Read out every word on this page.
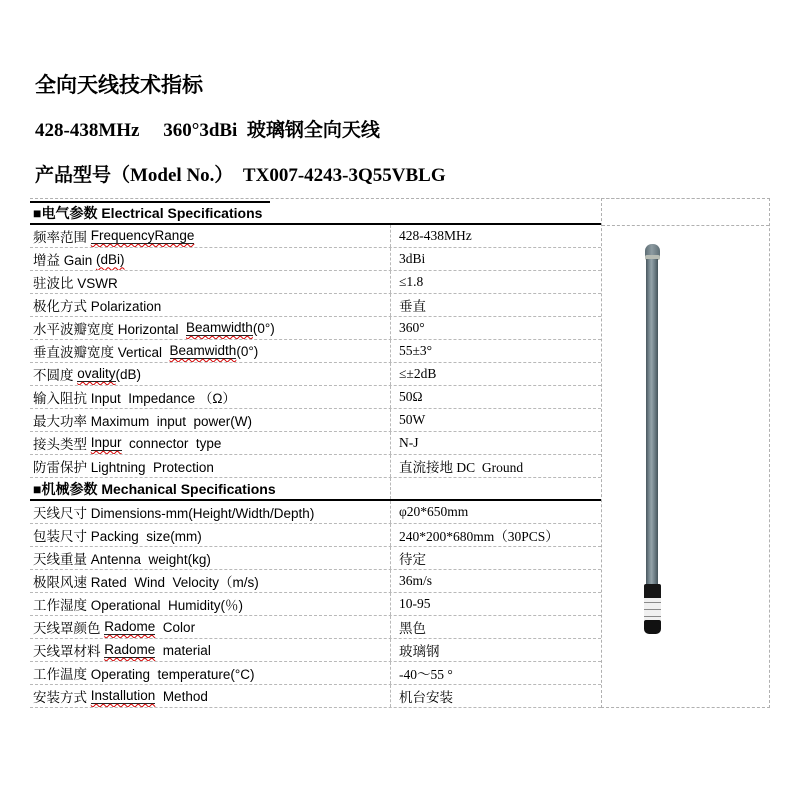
全向天线技术指标
428-438MHz     360°3dBi  玻璃钢全向天线
产品型号（Model No.）  TX007-4243-3Q55VBLG
■电气参数 Electrical Specifications
频率范围 FrequencyRange	428-438MHz
增益 Gain (dBi)	3dBi
驻波比 VSWR	≤1.8
极化方式 Polarization	垂直
水平波瓣宽度 Horizontal Beamwidth (0°)	360°
垂直波瓣宽度 Vertical Beamwidth (0°)	55±3°
不圆度 ovality (dB)	≤±2dB
输入阻抗 Input  Impedance （Ω）	50Ω
最大功率 Maximum  input  power(W)	50W
接头类型 Inpur connector  type	N-J
防雷保护 Lightning  Protection	直流接地 DC  Ground
■机械参数 Mechanical Specifications
天线尺寸 Dimensions-mm(Height/Width/Depth)	φ20*650mm
包装尺寸 Packing  size(mm)	240*200*680mm（30PCS）
天线重量 Antenna  weight(kg)	待定
极限风速 Rated  Wind  Velocity（m/s)	36m/s
工作湿度 Operational  Humidity(％)	10-95
天线罩颜色 Radome Color	黑色
天线罩材料 Radome material	玻璃钢
工作温度 Operating  temperature(°C)	-40～55 °
安装方式 Installution Method	机台安装
